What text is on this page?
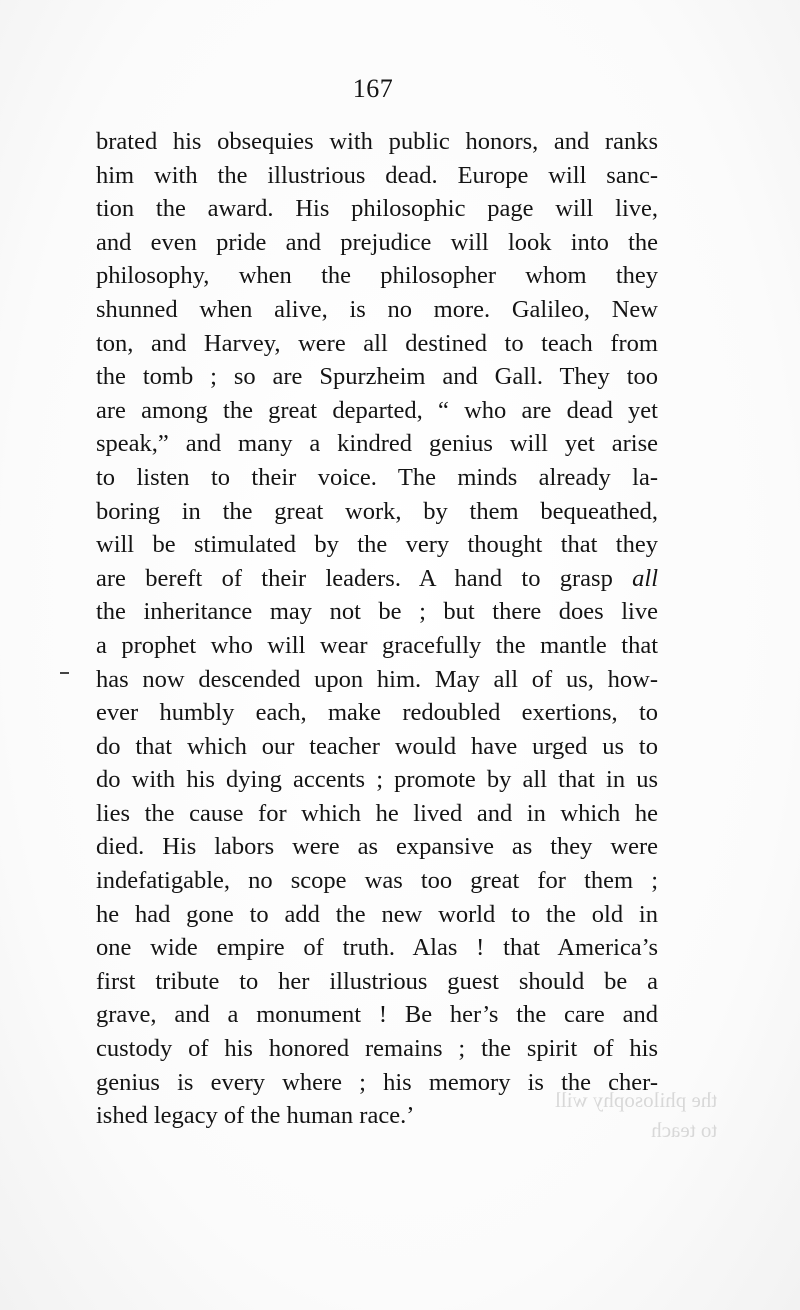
167
brated his obsequies with public honors, and ranks
him with the illustrious dead. Europe will sanc-
tion the award. His philosophic page will live,
and even pride and prejudice will look into the
philosophy, when the philosopher whom they
shunned when alive, is no more. Galileo, New
ton, and Harvey, were all destined to teach from
the tomb ; so are Spurzheim and Gall. They too
are among the great departed, “ who are dead yet
speak,” and many a kindred genius will yet arise
to listen to their voice. The minds already la-
boring in the great work, by them bequeathed,
will be stimulated by the very thought that they
are bereft of their leaders. A hand to grasp all
the inheritance may not be ; but there does live
a prophet who will wear gracefully the mantle that
has now descended upon him. May all of us, how-
ever humbly each, make redoubled exertions, to
do that which our teacher would have urged us to
do with his dying accents ; promote by all that in us
lies the cause for which he lived and in which he
died. His labors were as expansive as they were
indefatigable, no scope was too great for them ;
he had gone to add the new world to the old in
one wide empire of truth. Alas ! that America’s
first tribute to her illustrious guest should be a
grave, and a monument ! Be her’s the care and
custody of his honored remains ; the spirit of his
genius is every where ; his memory is the cher-
ished legacy of the human race.’
the philosophy will
to teach
